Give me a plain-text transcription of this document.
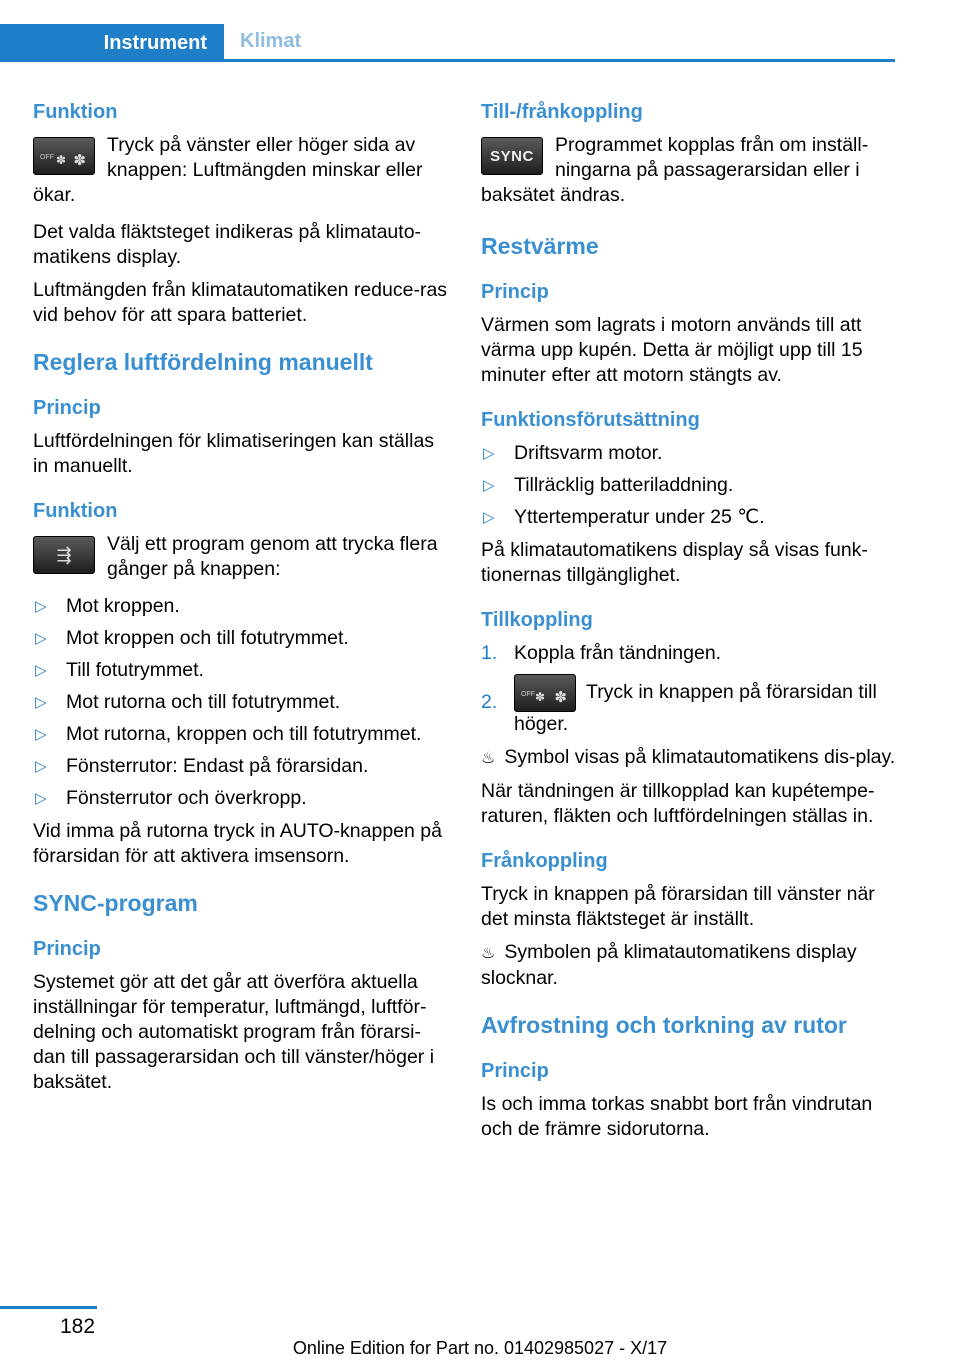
Instrument	Klimat
Funktion
✽ ✽
OFF
Tryck på vänster eller höger sida av knappen: Luftmängden minskar eller ökar.

Det valda fläktsteget indikeras på klimatauto-matikens display.

Luftmängden från klimatautomatiken reduce-ras vid behov för att spara batteriet.

Reglera luftfördelning manuellt
Princip

Luftfördelningen för klimatiseringen kan ställas in manuellt.

Funktion
⇶ Välj ett program genom att trycka flera gånger på knappen:
▷ Mot kroppen.
▷ Mot kroppen och till fotutrymmet.
▷ Till fotutrymmet.
▷ Mot rutorna och till fotutrymmet.
▷ Mot rutorna, kroppen och till fotutrymmet.
▷ Fönsterrutor: Endast på förarsidan.
▷ Fönsterrutor och överkropp.

Vid imma på rutorna tryck in AUTO-knappen på förarsidan för att aktivera imsensorn.

SYNC-program
Princip

Systemet gör att det går att överföra aktuella inställningar för temperatur, luftmängd, luftför-delning och automatiskt program från förarsi-dan till passagerarsidan och till vänster/höger i baksätet.

Till-/frånkoppling
SYNC Programmet kopplas från om inställ-ningarna på passagerarsidan eller i baksätet ändras.
Restvärme
Princip

Värmen som lagrats i motorn används till att värma upp kupén. Detta är möjligt upp till 15 minuter efter att motorn stängts av.

Funktionsförutsättning
▷ Driftsvarm motor.
▷ Tillräcklig batteriladdning.
▷ Yttertemperatur under 25 ℃.

På klimatautomatikens display så visas funk-tionernas tillgänglighet.

Tillkoppling
1. Koppla från tändningen.
2.	✽ ✽
OFF	Tryck in knappen på förarsidan till höger.

♨ Symbol visas på klimatautomatikens dis-play.

När tändningen är tillkopplad kan kupétempe-raturen, fläkten och luftfördelningen ställas in.

Frånkoppling

Tryck in knappen på förarsidan till vänster när det minsta fläktsteget är inställt.

♨ Symbolen på klimatautomatikens display slocknar.

Avfrostning och torkning av rutor
Princip

Is och imma torkas snabbt bort från vindrutan och de främre sidorutorna.

182
Online Edition for Part no. 01402985027 - X/17
